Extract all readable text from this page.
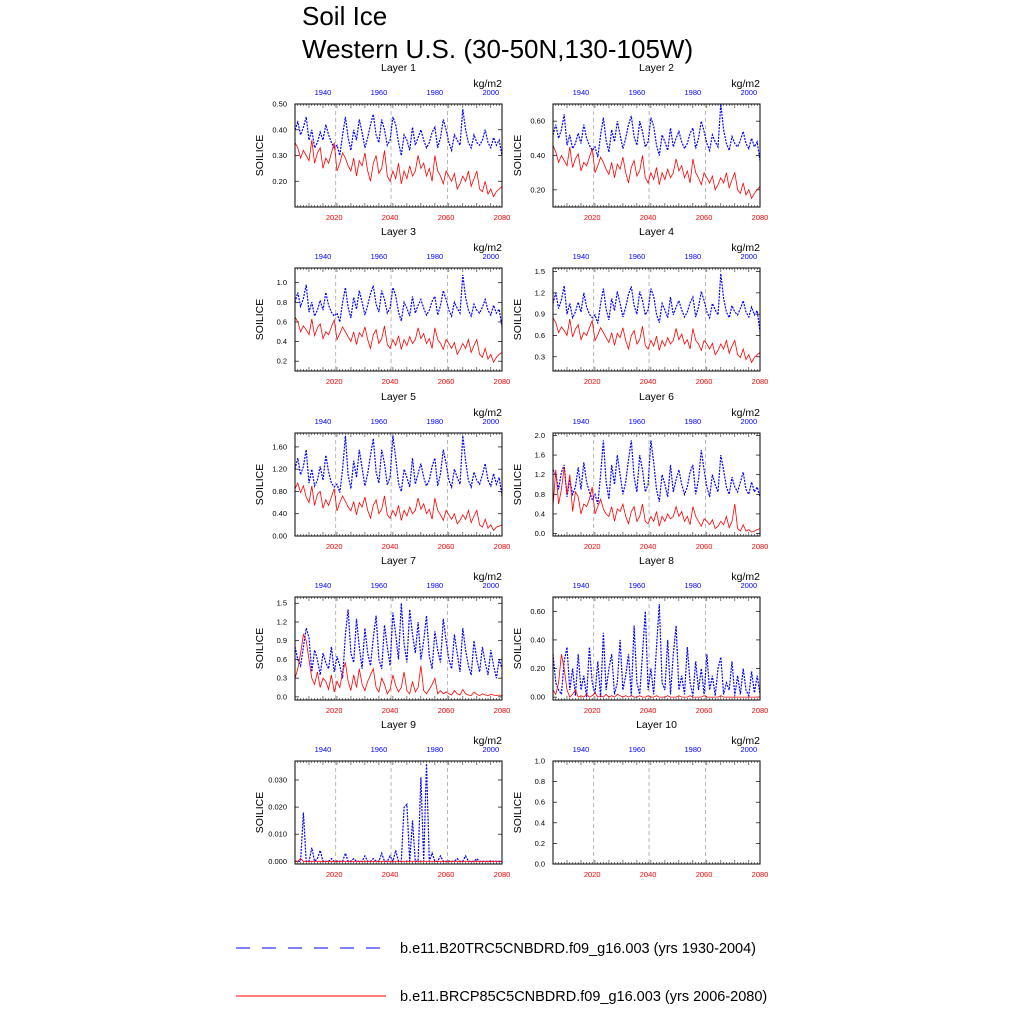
Soil Ice
Western U.S. (30-50N,130-105W)
Layer 1
kg/m2
SOILICE
0.20
0.30
0.40
0.50
2020	2040	2060	2080
1940	1960	1980	2000
Layer 2
kg/m2
SOILICE
0.20
0.40
0.60
2020	2040	2060	2080
1940	1960	1980	2000
Layer 3
kg/m2
SOILICE
0.2
0.4
0.6
0.8
1.0
2020	2040	2060	2080
1940	1960	1980	2000
Layer 4
kg/m2
SOILICE
0.3
0.6
0.9
1.2
1.5
2020	2040	2060	2080
1940	1960	1980	2000
Layer 5
kg/m2
SOILICE
0.00
0.40
0.80
1.20
1.60
2020	2040	2060	2080
1940	1960	1980	2000
Layer 6
kg/m2
SOILICE
0.0
0.4
0.8
1.2
1.6
2.0
2020	2040	2060	2080
1940	1960	1980	2000
Layer 7
kg/m2
SOILICE
0.0
0.3
0.6
0.9
1.2
1.5
2020	2040	2060	2080
1940	1960	1980	2000
Layer 8
kg/m2
SOILICE
0.00
0.20
0.40
0.60
2020	2040	2060	2080
1940	1960	1980	2000
Layer 9
kg/m2
SOILICE
0.000
0.010
0.020
0.030
2020	2040	2060	2080
1940	1960	1980	2000
Layer 10
kg/m2
SOILICE
0.0
0.2
0.4
0.6
0.8
1.0
2020	2040	2060	2080
1940	1960	1980	2000
b.e11.B20TRC5CNBDRD.f09_g16.003 (yrs 1930-2004)
b.e11.BRCP85C5CNBDRD.f09_g16.003 (yrs 2006-2080)
